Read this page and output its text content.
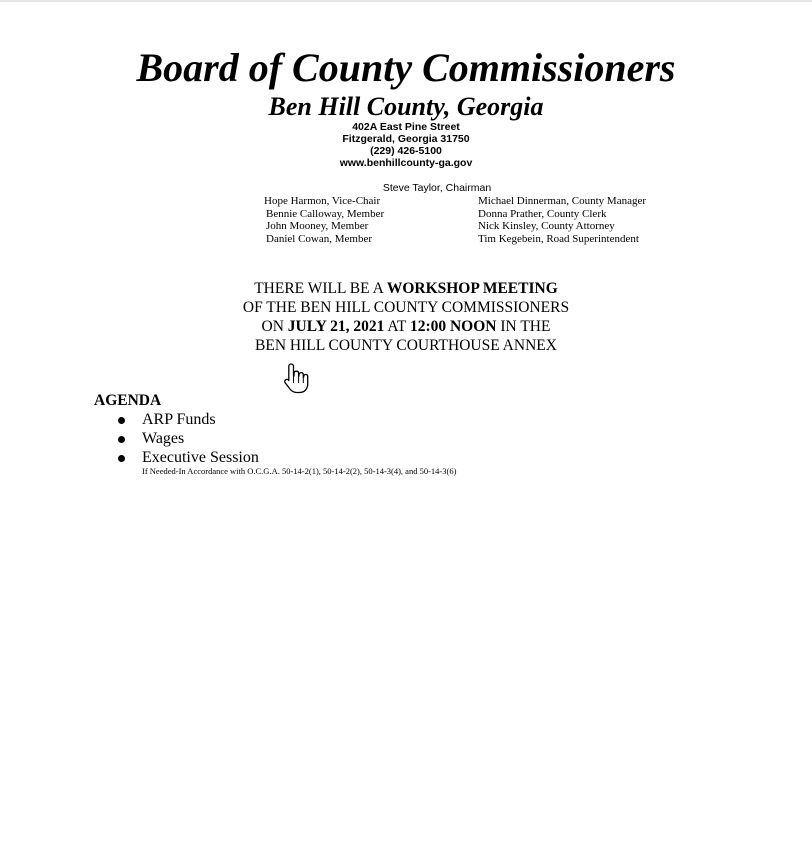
Board of County Commissioners
Ben Hill County, Georgia
402A East Pine Street
Fitzgerald, Georgia 31750
(229) 426-5100
www.benhillcounty-ga.gov
Steve Taylor, Chairman
Hope Harmon, Vice-Chair
Bennie Calloway, Member
John Mooney, Member
Daniel Cowan, Member
Michael Dinnerman, County Manager
Donna Prather, County Clerk
Nick Kinsley, County Attorney
Tim Kegebein, Road Superintendent
THERE WILL BE A WORKSHOP MEETING
OF THE BEN HILL COUNTY COMMISSIONERS
ON JULY 21, 2021 AT 12:00 NOON IN THE
BEN HILL COUNTY COURTHOUSE ANNEX
AGENDA
ARP Funds
Wages
Executive Session
If Needed-In Accordance with O.C.G.A. 50-14-2(1), 50-14-2(2), 50-14-3(4), and 50-14-3(6)
